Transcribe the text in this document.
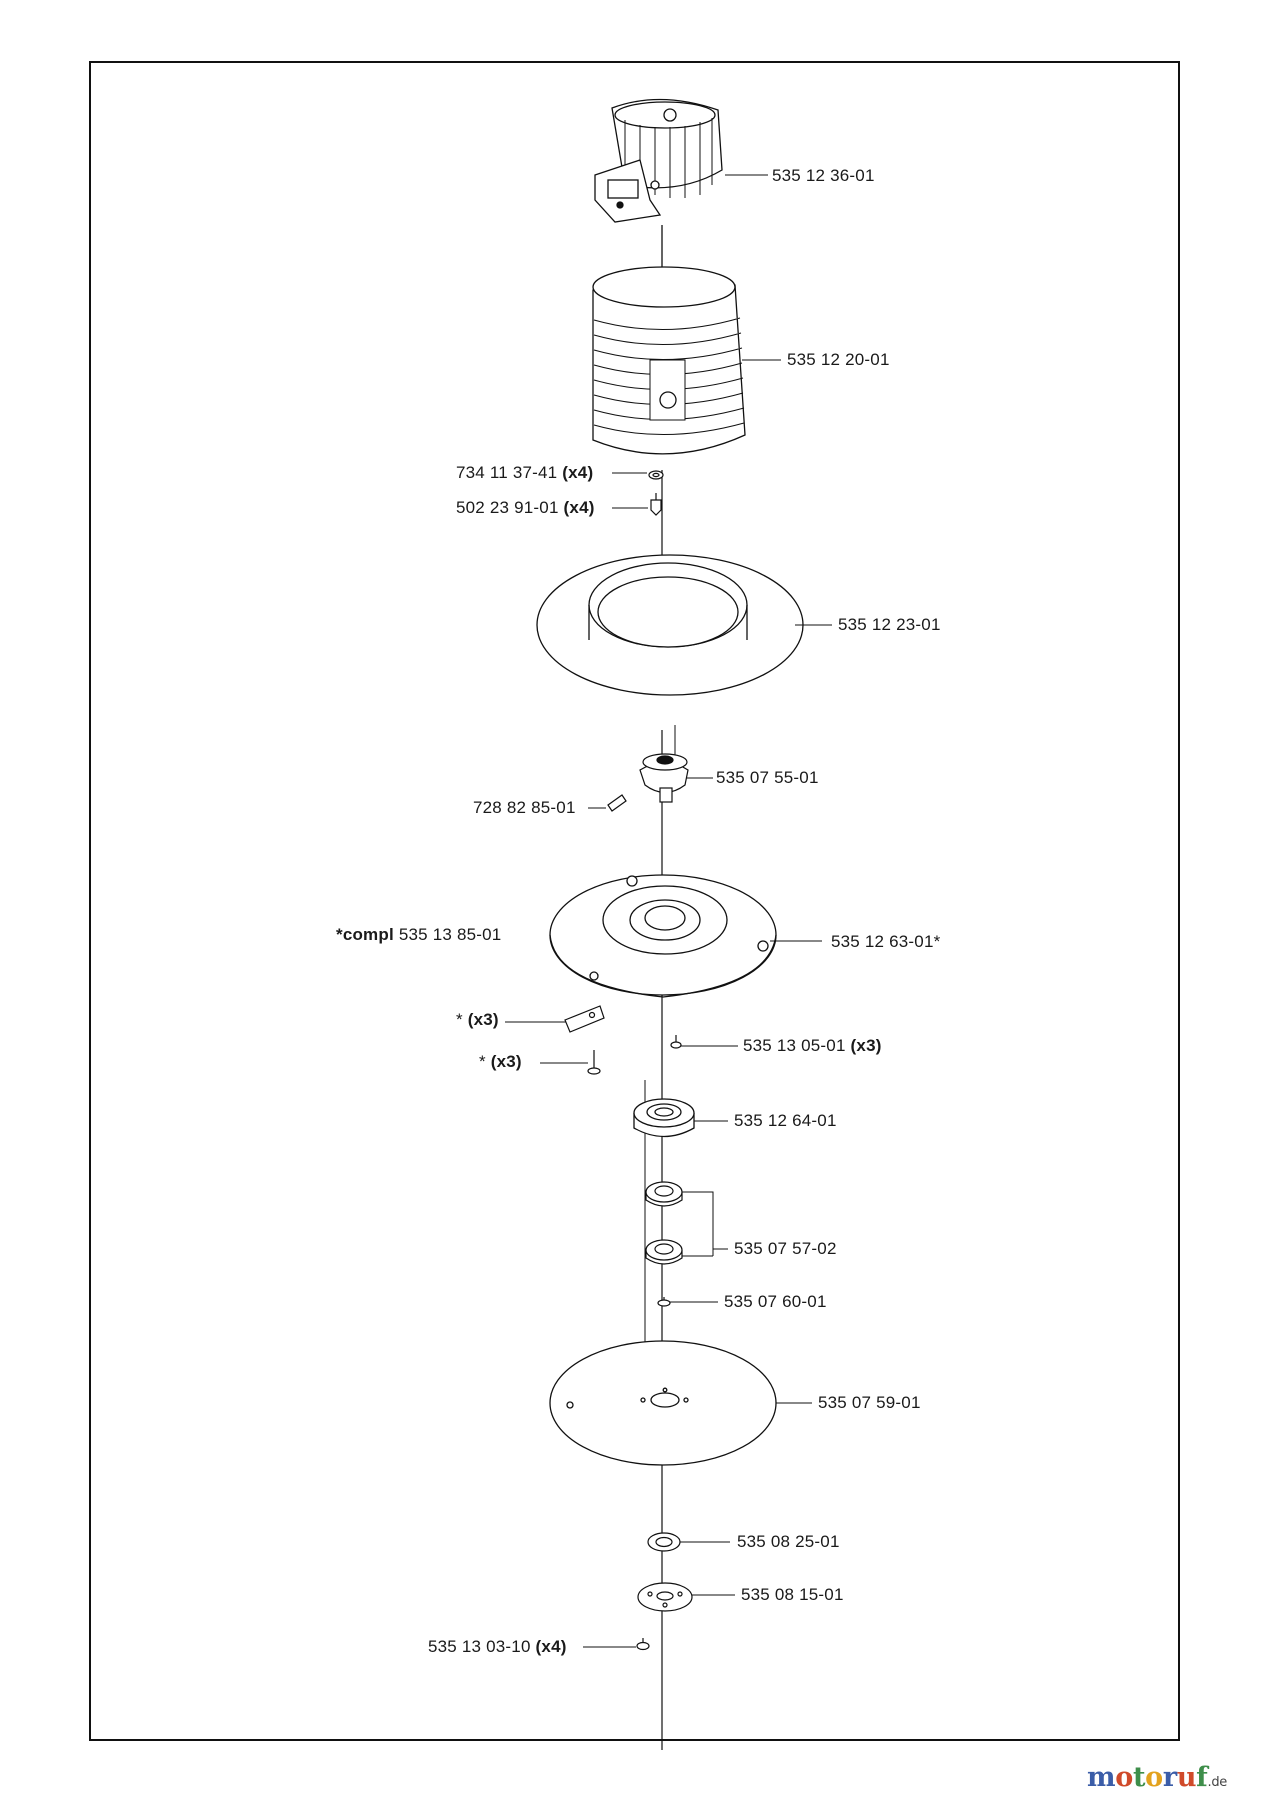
535 12 36-01
535 12 20-01
734 11 37-41 (x4)
502 23 91-01 (x4)
535 12 23-01
535 07 55-01
728 82 85-01
*compl 535 13 85-01	535 12 63-01*
* (x3)
* (x3)
535 13 05-01 (x3)
535 12 64-01
535 07 57-02
535 07 60-01
535 07 59-01
535 08 25-01
535 08 15-01
535 13 03-10 (x4)
motoruf.de
